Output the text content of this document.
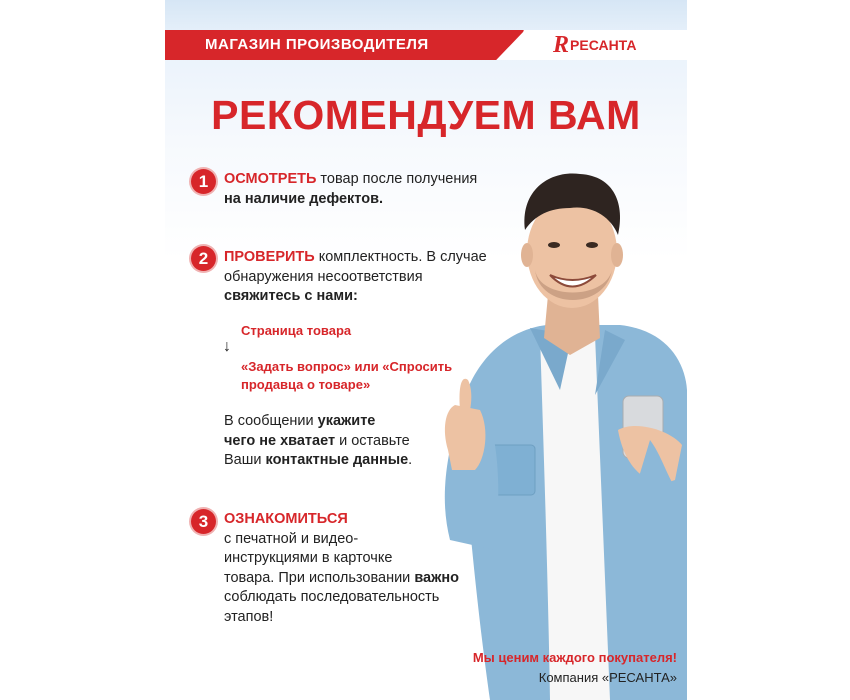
МАГАЗИН ПРОИЗВОДИТЕЛЯ	R РЕСАНТА
РЕКОМЕНДУЕМ ВАМ
1	ОСМОТРЕТЬ товар после получения
на наличие дефектов.
2	ПРОВЕРИТЬ комплектность. В случае
обнаружения несоответствия
свяжитесь с нами:
Страница товара
↓
«Задать вопрос» или «Спросить
продавца о товаре»
В сообщении укажите
чего не хватает и оставьте
Ваши контактные данные.
3	ОЗНАКОМИТЬСЯ
с печатной и видео-
инструкциями в карточке
товара. При использовании важно
соблюдать последовательность
этапов!
Мы ценим каждого покупателя!
Компания «РЕСАНТА»
